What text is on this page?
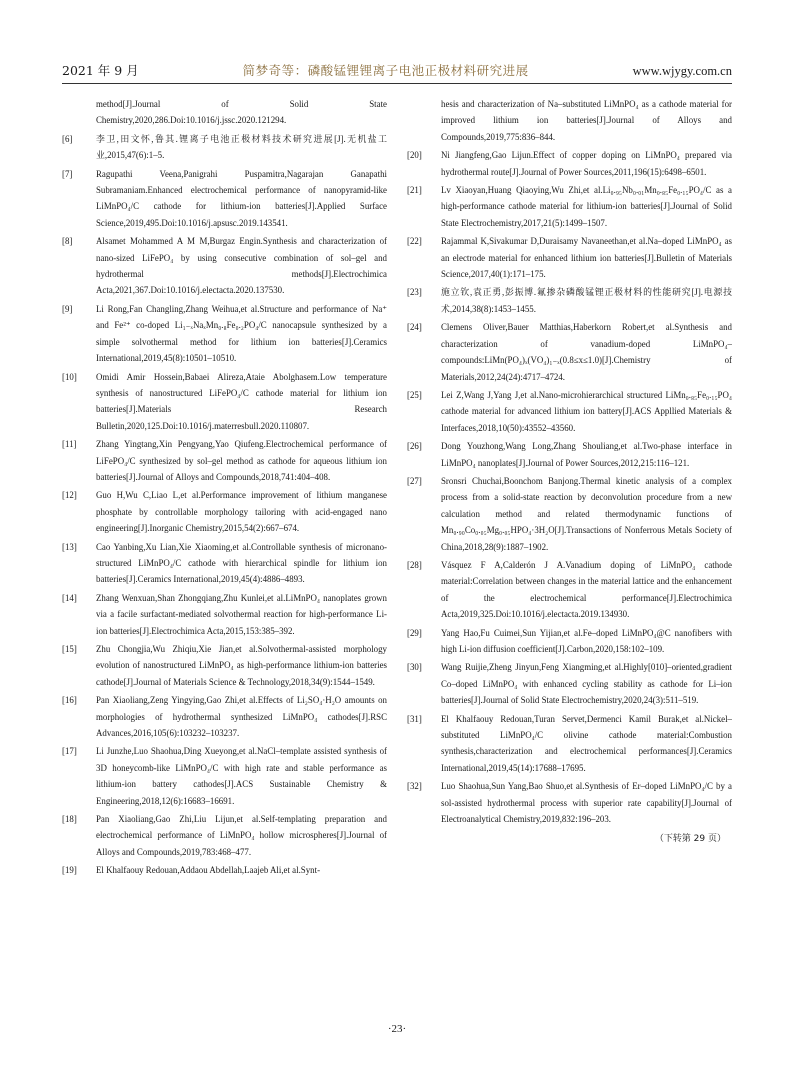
2021 年 9 月	简梦奇等：磷酸锰锂锂离子电池正极材料研究进展	www.wjygy.com.cn
method[J].Journal of Solid State Chemistry,2020,286.Doi:10.1016/j.jssc.2020.121294.
[6]	李卫,田文怀,鲁其.锂离子电池正极材料技术研究进展[J].无机盐工业,2015,47(6):1–5.
[7]	Ragupathi Veena,Panigrahi Puspamitra,Nagarajan Ganapathi Subramaniam.Enhanced electrochemical performance of nanopyramid-like LiMnPO₄/C cathode for lithium-ion batteries[J].Applied Surface Science,2019,495.Doi:10.1016/j.apsusc.2019.143541.
[8]	Alsamet Mohammed A M M,Burgaz Engin.Synthesis and characterization of nano-sized LiFePO₄ by using consecutive combination of sol–gel and hydrothermal methods[J].Electrochimica Acta,2021,367.Doi:10.1016/j.electacta.2020.137530.
[9]	Li Rong,Fan Changling,Zhang Weihua,et al.Structure and performance of Na⁺ and Fe²⁺ co-doped Li₁₋ₓNaₓMn₀.₈Fe₀.₂PO₄/C nanocapsule synthesized by a simple solvothermal method for lithium ion batteries[J].Ceramics International,2019,45(8):10501–10510.
[10]	Omidi Amir Hossein,Babaei Alireza,Ataie Abolghasem.Low temperature synthesis of nanostructured LiFePO₄/C cathode material for lithium ion batteries[J].Materials Research Bulletin,2020,125.Doi:10.1016/j.materresbull.2020.110807.
[11]	Zhang Yingtang,Xin Pengyang,Yao Qiufeng.Electrochemical performance of LiFePO₄/C synthesized by sol–gel method as cathode for aqueous lithium ion batteries[J].Journal of Alloys and Compounds,2018,741:404–408.
[12]	Guo H,Wu C,Liao L,et al.Performance improvement of lithium manganese phosphate by controllable morphology tailoring with acid-engaged nano engineering[J].Inorganic Chemistry,2015,54(2):667–674.
[13]	Cao Yanbing,Xu Lian,Xie Xiaoming,et al.Controllable synthesis of micronano-structured LiMnPO₄/C cathode with hierarchical spindle for lithium ion batteries[J].Ceramics International,2019,45(4):4886–4893.
[14]	Zhang Wenxuan,Shan Zhongqiang,Zhu Kunlei,et al.LiMnPO₄ nanoplates grown via a facile surfactant-mediated solvothermal reaction for high-performance Li-ion batteries[J].Electrochimica Acta,2015,153:385–392.
[15]	Zhu Chongjia,Wu Zhiqiu,Xie Jian,et al.Solvothermal-assisted morphology evolution of nanostructured LiMnPO₄ as high-performance lithium-ion batteries cathode[J].Journal of Materials Science & Technology,2018,34(9):1544–1549.
[16]	Pan Xiaoliang,Zeng Yingying,Gao Zhi,et al.Effects of Li₂SO₄·H₂O amounts on morphologies of hydrothermal synthesized LiMnPO₄ cathodes[J].RSC Advances,2016,105(6):103232–103237.
[17]	Li Junzhe,Luo Shaohua,Ding Xueyong,et al.NaCl–template assisted synthesis of 3D honeycomb-like LiMnPO₄/C with high rate and stable performance as lithium-ion battery cathodes[J].ACS Sustainable Chemistry & Engineering,2018,12(6):16683–16691.
[18]	Pan Xiaoliang,Gao Zhi,Liu Lijun,et al.Self-templating preparation and electrochemical performance of LiMnPO₄ hollow microspheres[J].Journal of Alloys and Compounds,2019,783:468–477.
[19]	El Khalfaouy Redouan,Addaou Abdellah,Laajeb Ali,et al.Synt-
hesis and characterization of Na–substituted LiMnPO₄ as a cathode material for improved lithium ion batteries[J].Journal of Alloys and Compounds,2019,775:836–844.
[20]	Ni Jiangfeng,Gao Lijun.Effect of copper doping on LiMnPO₄ prepared via hydrothermal route[J].Journal of Power Sources,2011,196(15):6498–6501.
[21]	Lv Xiaoyan,Huang Qiaoying,Wu Zhi,et al.Li₀.₉₅Nb₀.₀₁Mn₀.₈₅Fe₀.₁₅PO₄/C as a high-performance cathode material for lithium-ion batteries[J].Journal of Solid State Electrochemistry,2017,21(5):1499–1507.
[22]	Rajammal K,Sivakumar D,Duraisamy Navaneethan,et al.Na–doped LiMnPO₄ as an electrode material for enhanced lithium ion batteries[J].Bulletin of Materials Science,2017,40(1):171–175.
[23]	施立钦,袁正勇,彭振博.氟掺杂磷酸锰锂正极材料的性能研究[J].电源技术,2014,38(8):1453–1455.
[24]	Clemens Oliver,Bauer Matthias,Haberkorn Robert,et al.Synthesis and characterization of vanadium-doped LiMnPO₄–compounds:LiMn(PO₄)ₓ(VO₄)₁₋ₓ(0.8≤x≤1.0)[J].Chemistry of Materials,2012,24(24):4717–4724.
[25]	Lei Z,Wang J,Yang J,et al.Nano-microhierarchical structured LiMn₀.₈₅Fe₀.₁₅PO₄ cathode material for advanced lithium ion battery[J].ACS Appllied Materials & Interfaces,2018,10(50):43552–43560.
[26]	Dong Youzhong,Wang Long,Zhang Shouliang,et al.Two-phase interface in LiMnPO₄ nanoplates[J].Journal of Power Sources,2012,215:116–121.
[27]	Sronsri Chuchai,Boonchom Banjong.Thermal kinetic analysis of a complex process from a solid-state reaction by deconvolution procedure from a new calculation method and related thermodynamic functions of Mn₀.₉₀Co₀.₀₅Mg₀.₀₅HPO₄·3H₂O[J].Transactions of Nonferrous Metals Society of China,2018,28(9):1887–1902.
[28]	Vásquez F A,Calderón J A.Vanadium doping of LiMnPO₄ cathode material:Correlation between changes in the material lattice and the enhancement of the electrochemical performance[J].Electrochimica Acta,2019,325.Doi:10.1016/j.electacta.2019.134930.
[29]	Yang Hao,Fu Cuimei,Sun Yijian,et al.Fe–doped LiMnPO₄@C nanofibers with high Li-ion diffusion coefficient[J].Carbon,2020,158:102–109.
[30]	Wang Ruijie,Zheng Jinyun,Feng Xiangming,et al.Highly[010]–oriented,gradient Co–doped LiMnPO₄ with enhanced cycling stability as cathode for Li–ion batteries[J].Journal of Solid State Electrochemistry,2020,24(3):511–519.
[31]	El Khalfaouy Redouan,Turan Servet,Dermenci Kamil Burak,et al.Nickel–substituted LiMnPO₄/C olivine cathode material:Combustion synthesis,characterization and electrochemical performances[J].Ceramics International,2019,45(14):17688–17695.
[32]	Luo Shaohua,Sun Yang,Bao Shuo,et al.Synthesis of Er–doped LiMnPO₄/C by a sol-assisted hydrothermal process with superior rate capability[J].Journal of Electroanalytical Chemistry,2019,832:196–203.
（下转第 29 页）
·23·
